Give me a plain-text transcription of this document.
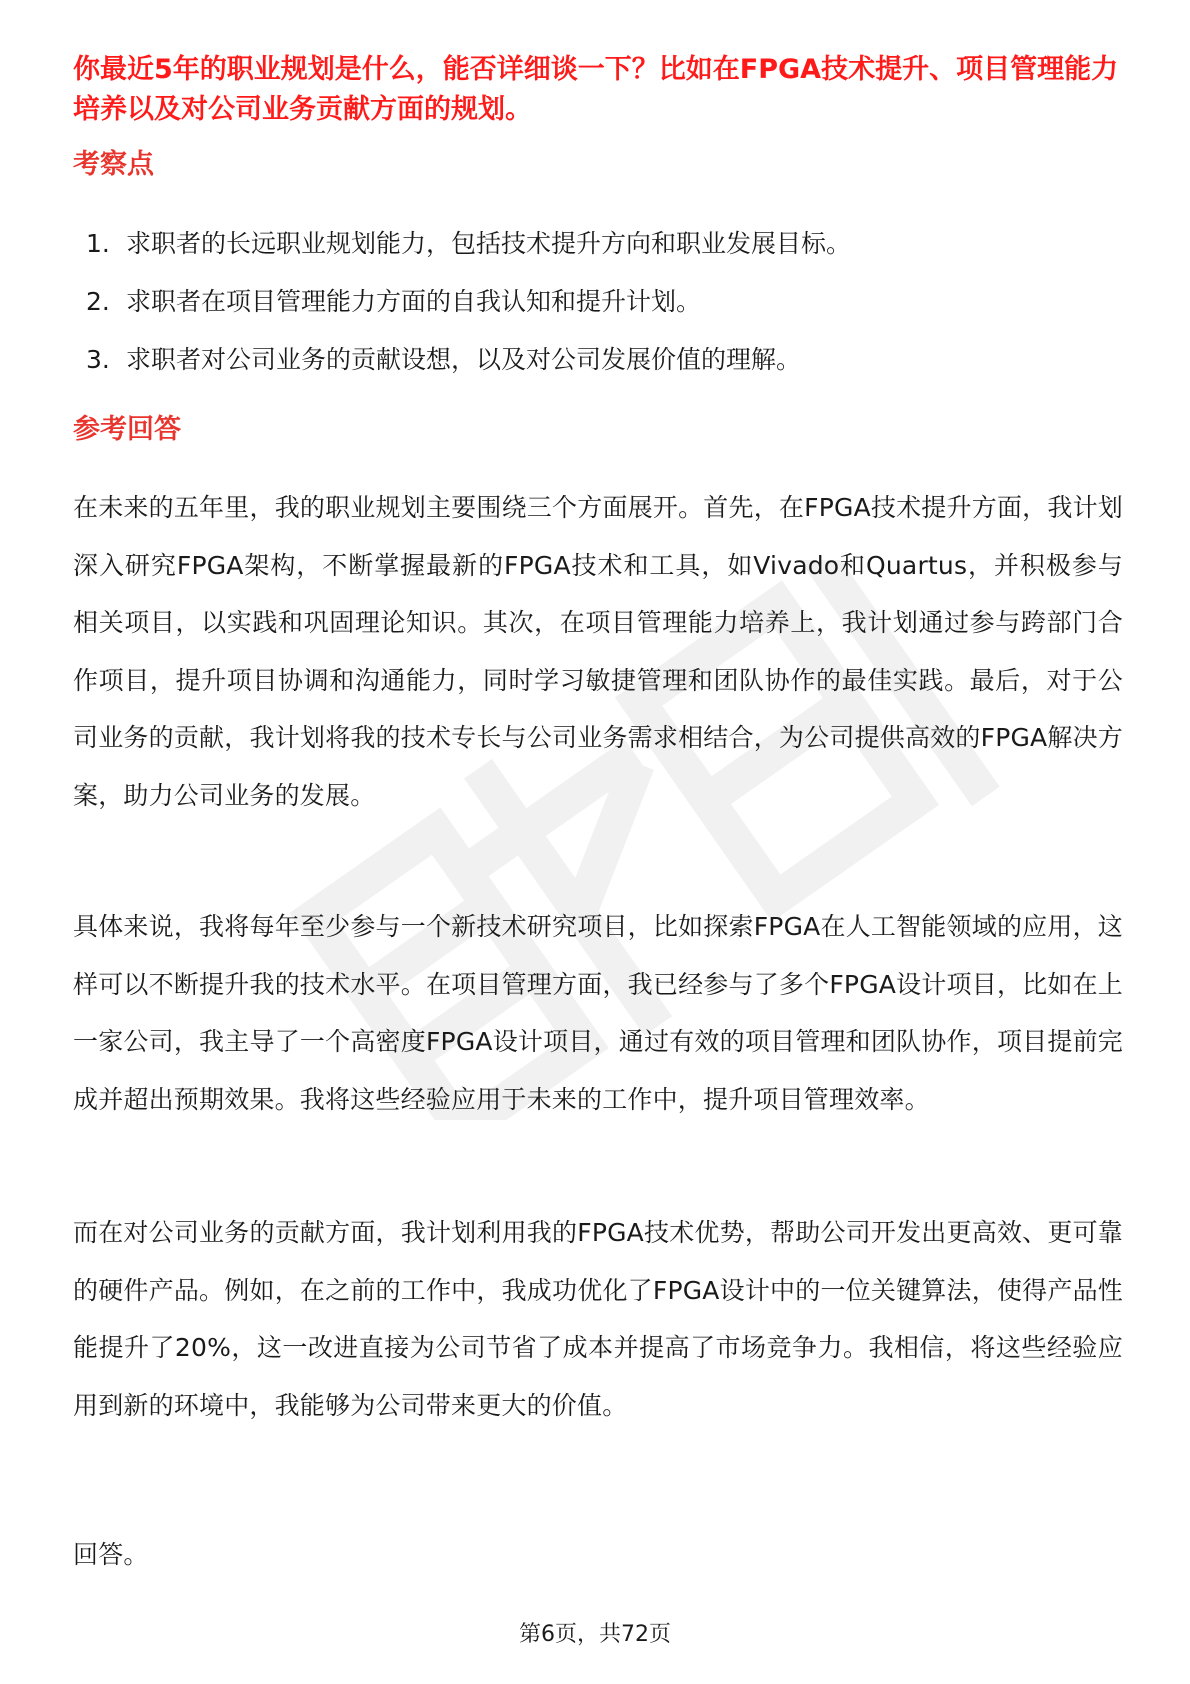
你最近5年的职业规划是什么，能否详细谈一下？比如在FPGA技术提升、项目管理能力培养以及对公司业务贡献方面的规划。

考察点
1. 求职者的长远职业规划能力，包括技术提升方向和职业发展目标。
2. 求职者在项目管理能力方面的自我认知和提升计划。
3. 求职者对公司业务的贡献设想，以及对公司发展价值的理解。
参考回答

在未来的五年里，我的职业规划主要围绕三个方面展开。首先，在FPGA技术提升方面，我计划深入研究FPGA架构，不断掌握最新的FPGA技术和工具，如Vivado和Quartus，并积极参与相关项目，以实践和巩固理论知识。其次，在项目管理能力培养上，我计划通过参与跨部门合作项目，提升项目协调和沟通能力，同时学习敏捷管理和团队协作的最佳实践。最后，对于公司业务的贡献，我计划将我的技术专长与公司业务需求相结合，为公司提供高效的FPGA解决方案，助力公司业务的发展。

具体来说，我将每年至少参与一个新技术研究项目，比如探索FPGA在人工智能领域的应用，这样可以不断提升我的技术水平。在项目管理方面，我已经参与了多个FPGA设计项目，比如在上一家公司，我主导了一个高密度FPGA设计项目，通过有效的项目管理和团队协作，项目提前完成并超出预期效果。我将这些经验应用于未来的工作中，提升项目管理效率。

而在对公司业务的贡献方面，我计划利用我的FPGA技术优势，帮助公司开发出更高效、更可靠的硬件产品。例如，在之前的工作中，我成功优化了FPGA设计中的一位关键算法，使得产品性能提升了20%，这一改进直接为公司节省了成本并提高了市场竞争力。我相信，将这些经验应用到新的环境中，我能够为公司带来更大的价值。

回答。

第6页，共72页
